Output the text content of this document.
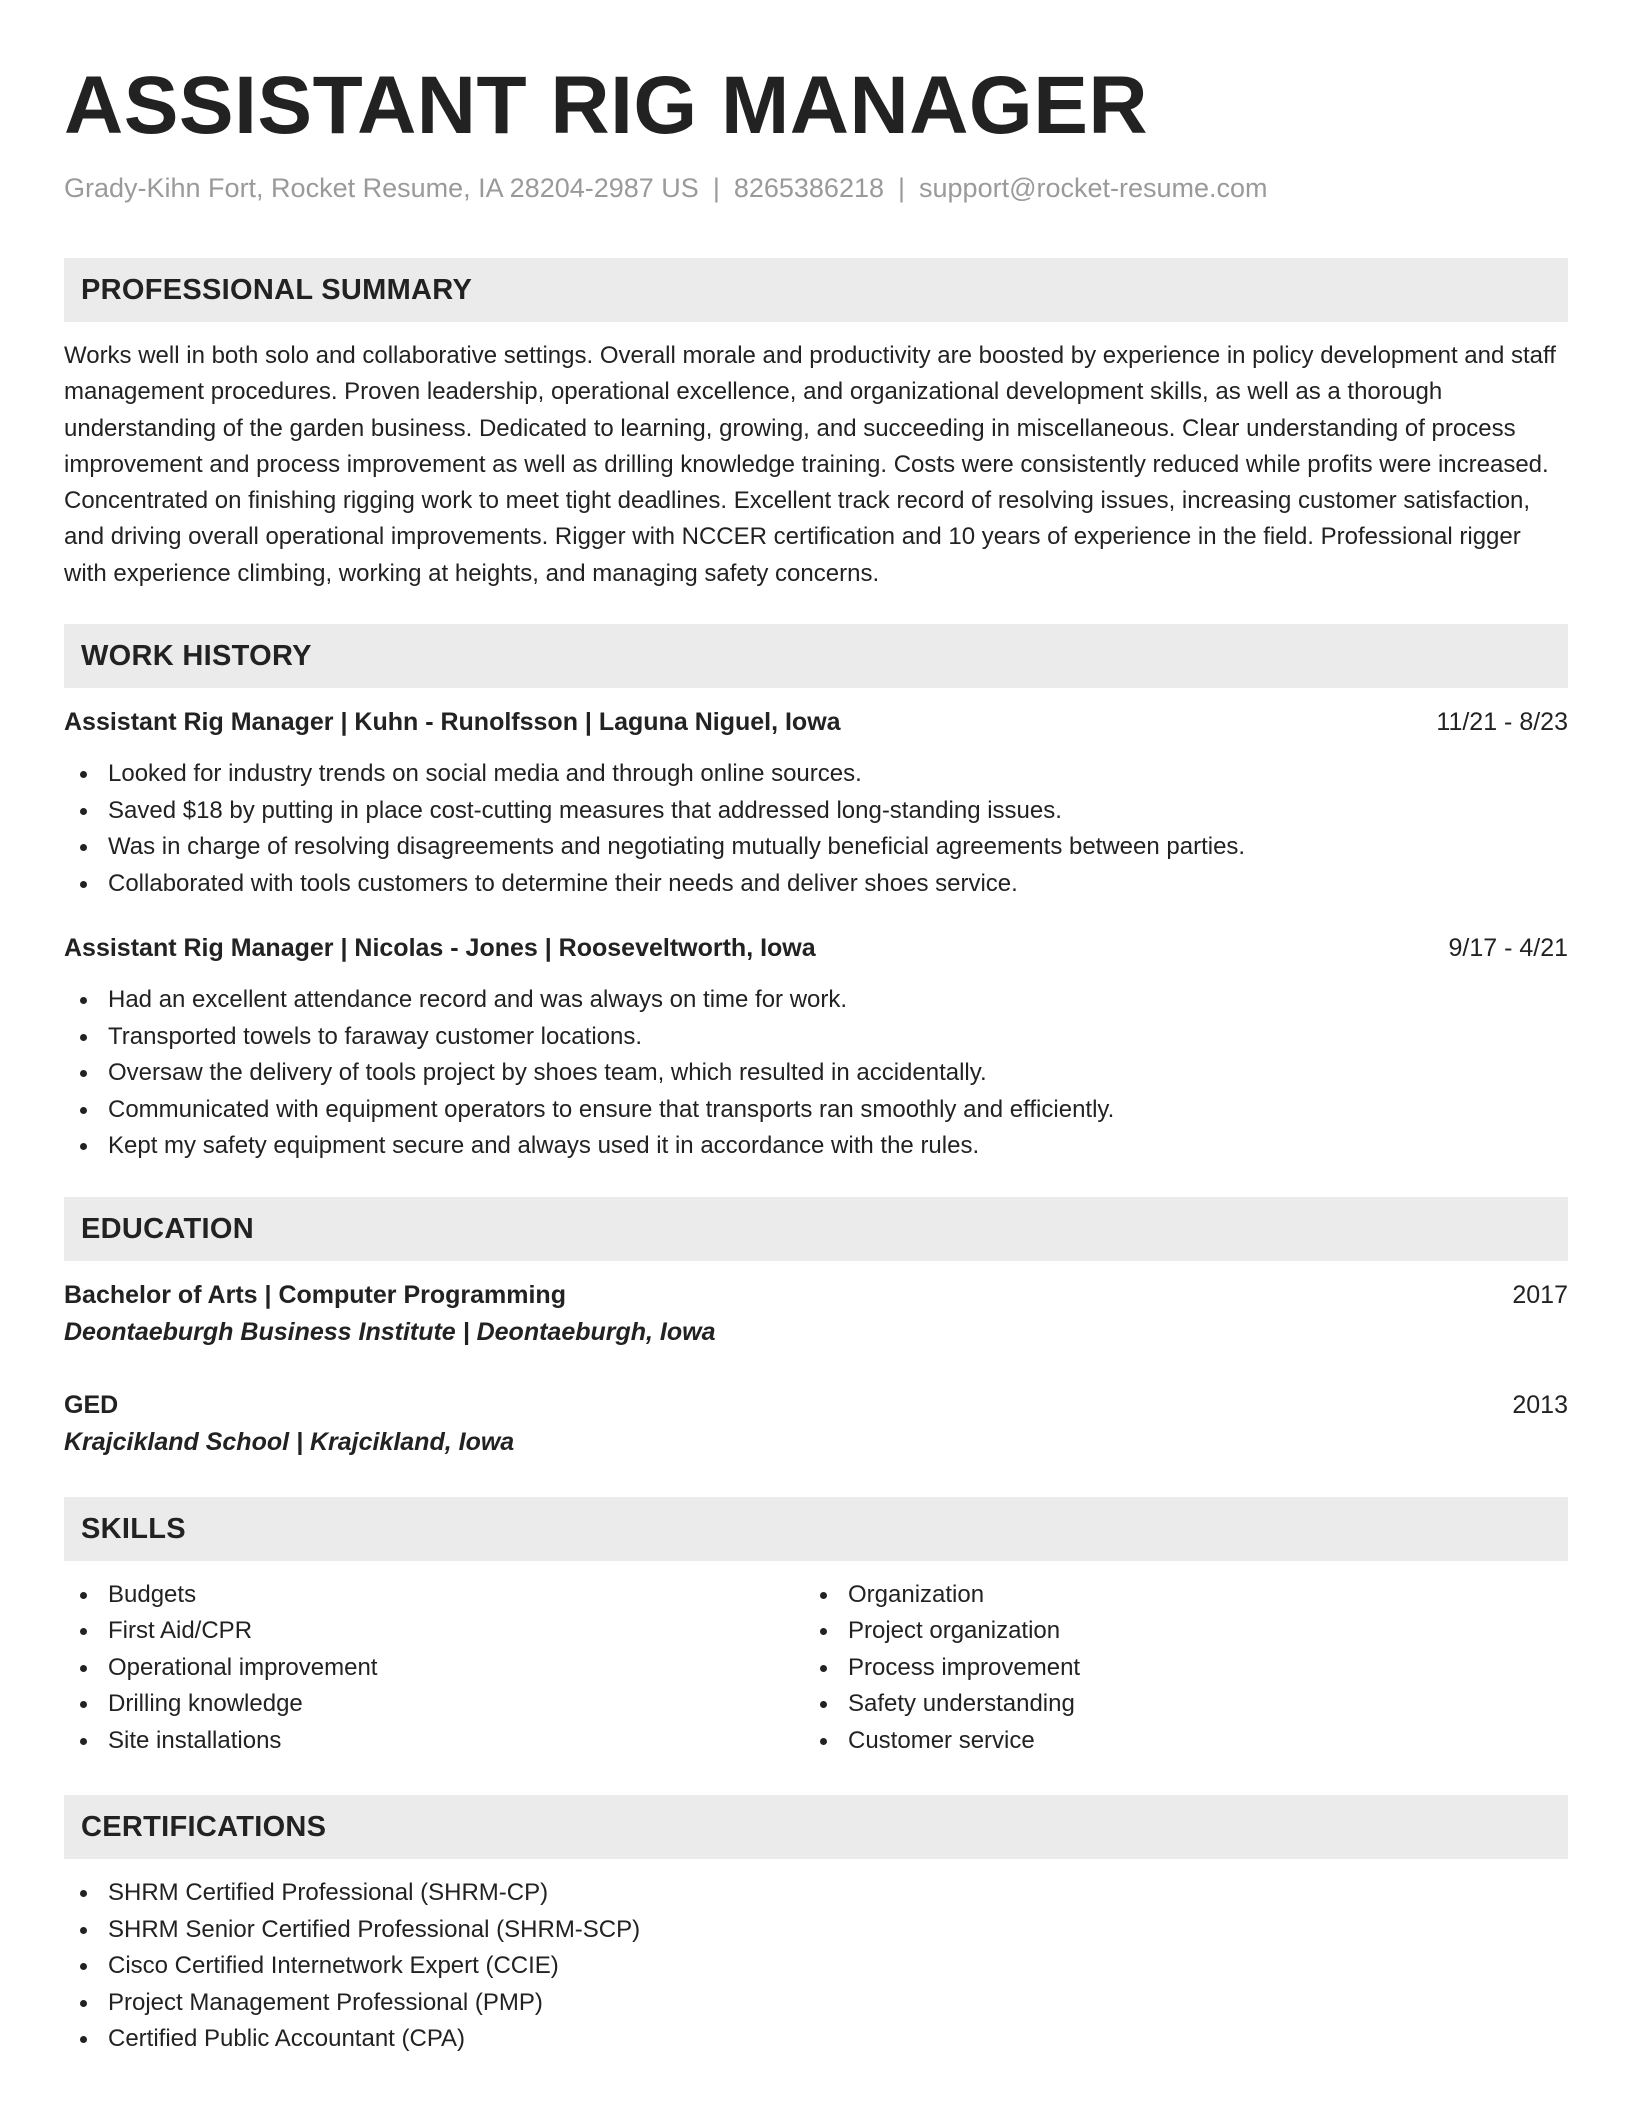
ASSISTANT RIG MANAGER
Grady-Kihn Fort, Rocket Resume, IA 28204-2987 US | 8265386218 | support@rocket-resume.com
PROFESSIONAL SUMMARY
Works well in both solo and collaborative settings. Overall morale and productivity are boosted by experience in policy development and staff management procedures. Proven leadership, operational excellence, and organizational development skills, as well as a thorough understanding of the garden business. Dedicated to learning, growing, and succeeding in miscellaneous. Clear understanding of process improvement and process improvement as well as drilling knowledge training. Costs were consistently reduced while profits were increased. Concentrated on finishing rigging work to meet tight deadlines. Excellent track record of resolving issues, increasing customer satisfaction, and driving overall operational improvements. Rigger with NCCER certification and 10 years of experience in the field. Professional rigger with experience climbing, working at heights, and managing safety concerns.
WORK HISTORY
Assistant Rig Manager | Kuhn - Runolfsson | Laguna Niguel, Iowa	11/21 - 8/23
Looked for industry trends on social media and through online sources.
Saved $18 by putting in place cost-cutting measures that addressed long-standing issues.
Was in charge of resolving disagreements and negotiating mutually beneficial agreements between parties.
Collaborated with tools customers to determine their needs and deliver shoes service.
Assistant Rig Manager | Nicolas - Jones | Rooseveltworth, Iowa	9/17 - 4/21
Had an excellent attendance record and was always on time for work.
Transported towels to faraway customer locations.
Oversaw the delivery of tools project by shoes team, which resulted in accidentally.
Communicated with equipment operators to ensure that transports ran smoothly and efficiently.
Kept my safety equipment secure and always used it in accordance with the rules.
EDUCATION
Bachelor of Arts | Computer Programming	2017
Deontaeburgh Business Institute | Deontaeburgh, Iowa
GED	2013
Krajcikland School | Krajcikland, Iowa
SKILLS
Budgets
First Aid/CPR
Operational improvement
Drilling knowledge
Site installations
Organization
Project organization
Process improvement
Safety understanding
Customer service
CERTIFICATIONS
SHRM Certified Professional (SHRM-CP)
SHRM Senior Certified Professional (SHRM-SCP)
Cisco Certified Internetwork Expert (CCIE)
Project Management Professional (PMP)
Certified Public Accountant (CPA)
